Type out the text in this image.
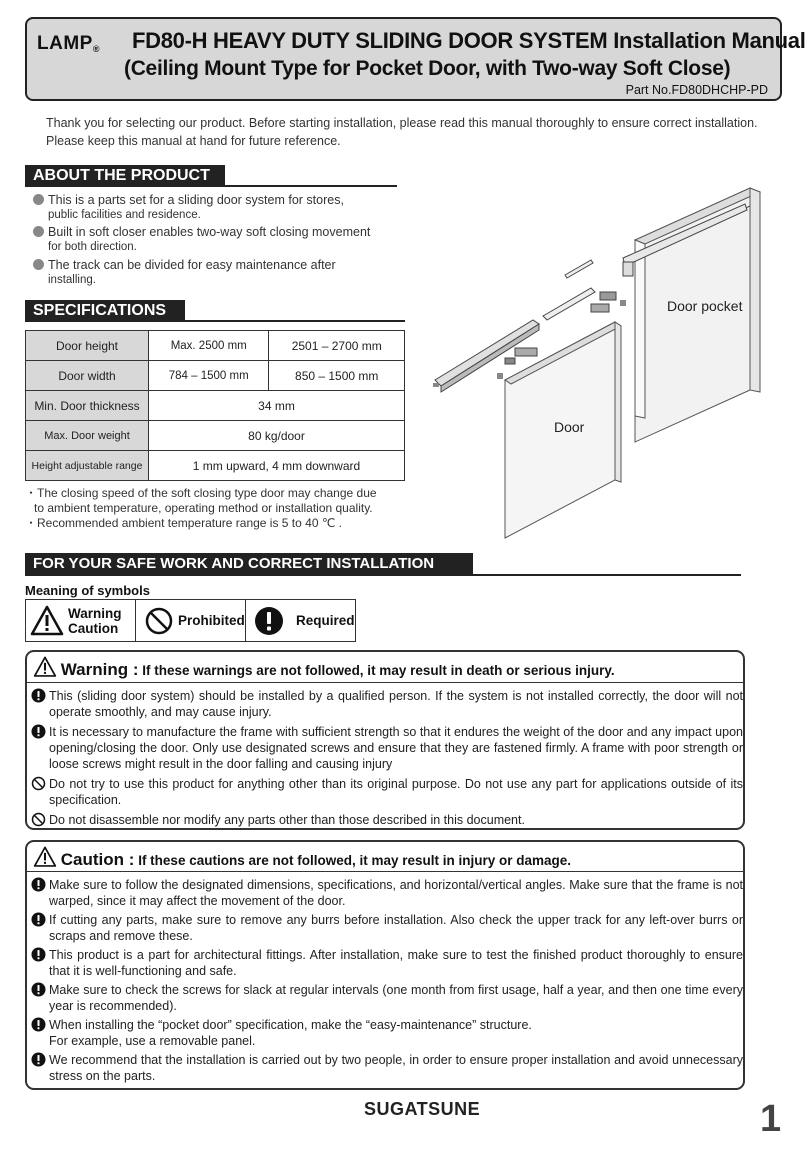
LAMP® FD80-H HEAVY DUTY SLIDING DOOR SYSTEM Installation Manual
(Ceiling Mount Type for Pocket Door, with Two-way Soft Close)
Part No.FD80DHCHP-PD
Thank you for selecting our product. Before starting installation, please read this manual thoroughly to ensure correct installation.
Please keep this manual at hand for future reference.
ABOUT THE PRODUCT
This is a parts set for a sliding door system for stores,
public facilities and residence.
Built in soft closer enables two-way soft closing movement
for both direction.
The track can be divided for easy maintenance after
installing.
SPECIFICATIONS
Door height	Max. 2500 mm	2501 – 2700 mm
Door width	784 – 1500 mm	850 – 1500 mm
Min. Door thickness	34 mm	
Max. Door weight	80 kg/door	
Height adjustable range	1 mm upward, 4 mm downward	
・The closing speed of the soft closing type door may change due
to ambient temperature, operating method or installation quality.
・Recommended ambient temperature range is 5 to 40 ℃ .
Door pocket
Door
FOR YOUR SAFE WORK AND CORRECT INSTALLATION
Meaning of symbols
Warning
Caution	Prohibited	Required
Warning : If these warnings are not followed, it may result in death or serious injury.
This (sliding door system) should be installed by a qualified person. If the system is not installed correctly, the door will not operate smoothly, and may cause injury.
It is necessary to manufacture the frame with sufficient strength so that it endures the weight of the door and any impact upon opening/closing the door. Only use designated screws and ensure that they are fastened firmly. A frame with poor strength or loose screws might result in the door falling and causing injury
Do not try to use this product for anything other than its original purpose. Do not use any part for applications outside of its specification.
Do not disassemble nor modify any parts other than those described in this document.
Caution : If these cautions are not followed, it may result in injury or damage.
Make sure to follow the designated dimensions, specifications, and horizontal/vertical angles. Make sure that the frame is not warped, since it may affect the movement of the door.
If cutting any parts, make sure to remove any burrs before installation. Also check the upper track for any left-over burrs or scraps and remove these.
This product is a part for architectural fittings. After installation, make sure to test the finished product thoroughly to ensure that it is well-functioning and safe.
Make sure to check the screws for slack at regular intervals (one month from first usage, half a year, and then one time every year is recommended).
When installing the “pocket door” specification, make the “easy-maintenance” structure.
For example, use a removable panel.
We recommend that the installation is carried out by two people, in order to ensure proper installation and avoid unnecessary stress on the parts.
SUGATSUNE	1
